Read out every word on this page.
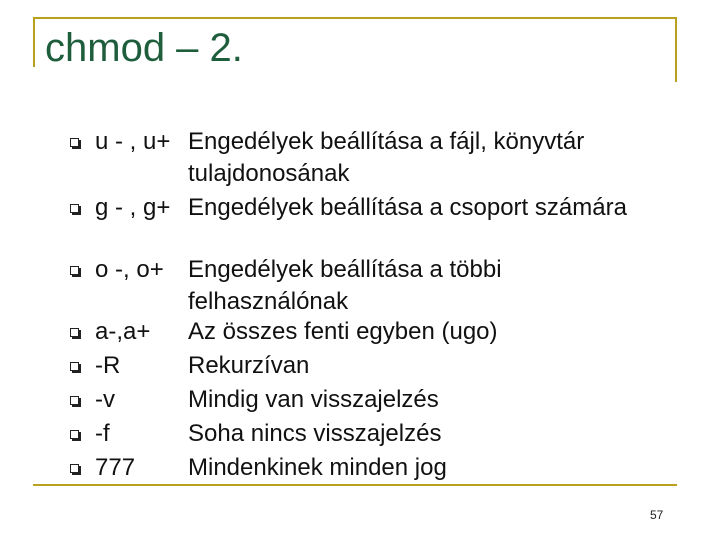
chmod – 2.
u - , u+ Engedélyek beállítása a fájl, könyvtár tulajdonosának
g - , g+ Engedélyek beállítása a csoport számára
o -, o+ Engedélyek beállítása a többi felhasználónak
a-,a+ Az összes fenti egyben (ugo)
-R	Rekurzívan
-v	Mindig van visszajelzés
-f	Soha nincs visszajelzés
777 Mindenkinek minden jog
57
